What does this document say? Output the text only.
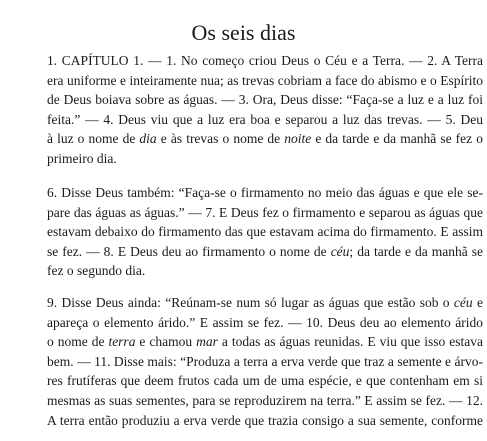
Os seis dias
1. CAPÍTULO 1. — 1. No começo criou Deus o Céu e a Terra. — 2. A Terra
era uniforme e inteiramente nua; as trevas cobriam a face do abismo e o Espírito
de Deus boiava sobre as águas. — 3. Ora, Deus disse: “Faça-se a luz e a luz foi
feita.” — 4. Deus viu que a luz era boa e separou a luz das trevas. — 5. Deu
à luz o nome de dia e às trevas o nome de noite e da tarde e da manhã se fez o
primeiro dia.
6. Disse Deus também: “Faça-se o firmamento no meio das águas e que ele se-
pare das águas as águas.” — 7. E Deus fez o firmamento e separou as águas que
estavam debaixo do firmamento das que estavam acima do firmamento. E assim
se fez. — 8. E Deus deu ao firmamento o nome de céu; da tarde e da manhã se
fez o segundo dia.
9. Disse Deus ainda: “Reúnam-se num só lugar as águas que estão sob o céu e
apareça o elemento árido.” E assim se fez. — 10. Deus deu ao elemento árido
o nome de terra e chamou mar a todas as águas reunidas. E viu que isso estava
bem. — 11. Disse mais: “Produza a terra a erva verde que traz a semente e árvo-
res frutíferas que deem frutos cada um de uma espécie, e que contenham em si
mesmas as suas sementes, para se reproduzirem na terra.” E assim se fez. — 12.
A terra então produziu a erva verde que trazia consigo a sua semente, conforme
